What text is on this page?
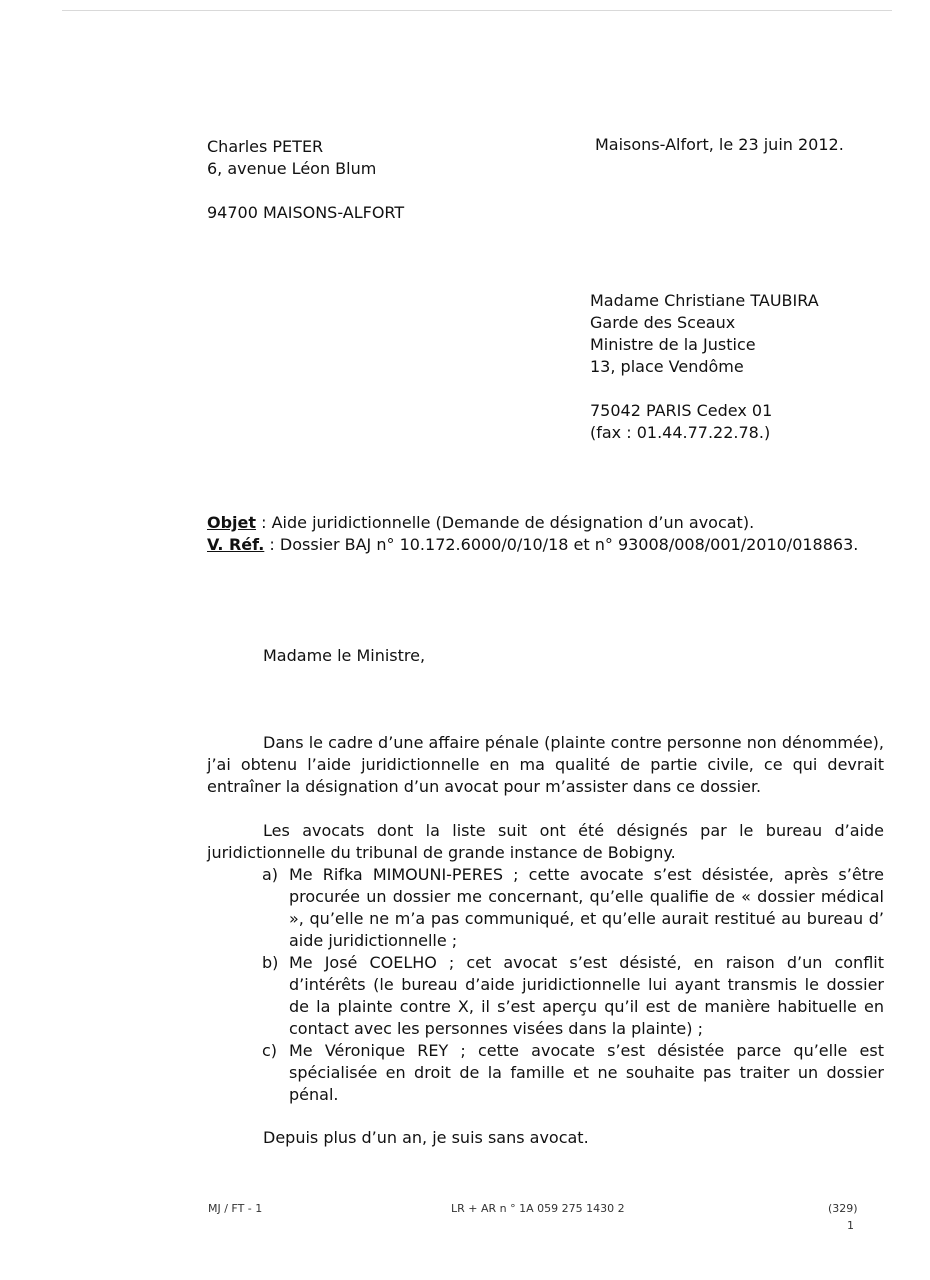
Charles PETER
6, avenue Léon Blum
94700 MAISONS-ALFORT
Maisons-Alfort, le 23 juin 2012.
Madame Christiane TAUBIRA
Garde des Sceaux
Ministre de la Justice
13, place Vendôme
75042 PARIS Cedex 01
(fax : 01.44.77.22.78.)
Objet : Aide juridictionnelle (Demande de désignation d’un avocat).
V. Réf. : Dossier BAJ n° 10.172.6000/0/10/18 et n° 93008/008/001/2010/018863.
Madame le Ministre,
Dans le cadre d’une affaire pénale (plainte contre personne non dénommée), j’ai obtenu l’aide juridictionnelle en ma qualité de partie civile, ce qui devrait entraîner la désignation d’un avocat pour m’assister dans ce dossier.
Les avocats dont la liste suit ont été désignés par le bureau d’aide juridictionnelle du tribunal de grande instance de Bobigny.
a) Me Rifka MIMOUNI-PERES ; cette avocate s’est désistée, après s’être procurée un dossier me concernant, qu’elle qualifie de « dossier médical », qu’elle ne m’a pas communiqué, et qu’elle aurait restitué au bureau d’ aide juridictionnelle ;
b) Me José COELHO ; cet avocat s’est désisté, en raison d’un conflit d’intérêts (le bureau d’aide juridictionnelle lui ayant transmis le dossier de la plainte contre X, il s’est aperçu qu’il est de manière habituelle en contact avec les personnes visées dans la plainte) ;
c) Me Véronique REY ; cette avocate s’est désistée parce qu’elle est spécialisée en droit de la famille et ne souhaite pas traiter un dossier pénal.
Depuis plus d’un an, je suis sans avocat.
MJ / FT - 1	LR + AR n ° 1A 059 275 1430 2	(329)
1
